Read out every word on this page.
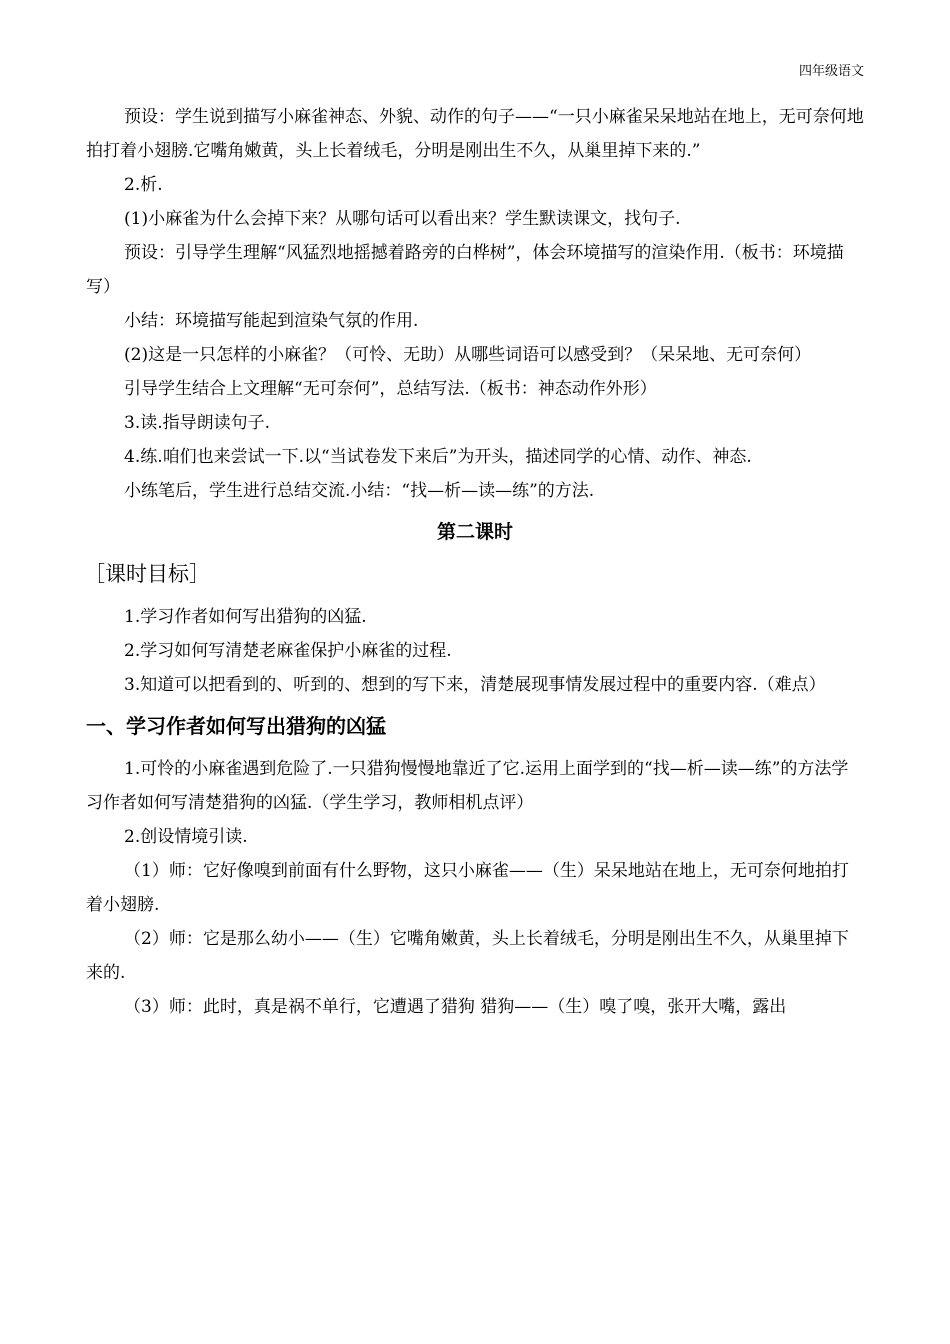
四年级语文

预设：学生说到描写小麻雀神态、外貌、动作的句子——“一只小麻雀呆呆地站在地上，无可奈何地拍打着小翅膀.它嘴角嫩黄，头上长着绒毛，分明是刚出生不久，从巢里掉下来的.”

2.析.

(1)小麻雀为什么会掉下来？从哪句话可以看出来？学生默读课文，找句子.

预设：引导学生理解“风猛烈地摇撼着路旁的白桦树”，体会环境描写的渲染作用.（板书：环境描写）

小结：环境描写能起到渲染气氛的作用.

(2)这是一只怎样的小麻雀？（可怜、无助）从哪些词语可以感受到？（呆呆地、无可奈何）

引导学生结合上文理解“无可奈何”，总结写法.（板书：神态动作外形）

3.读.指导朗读句子.

4.练.咱们也来尝试一下.以“当试卷发下来后”为开头，描述同学的心情、动作、神态.

小练笔后，学生进行总结交流.小结：“找—析—读—练”的方法.

第二课时
［课时目标］

1.学习作者如何写出猎狗的凶猛.

2.学习如何写清楚老麻雀保护小麻雀的过程.

3.知道可以把看到的、听到的、想到的写下来，清楚展现事情发展过程中的重要内容.（难点）

一、学习作者如何写出猎狗的凶猛

1.可怜的小麻雀遇到危险了.一只猎狗慢慢地靠近了它.运用上面学到的“找—析—读—练”的方法学习作者如何写清楚猎狗的凶猛.（学生学习，教师相机点评）

2.创设情境引读.

（1）师：它好像嗅到前面有什么野物，这只小麻雀——（生）呆呆地站在地上，无可奈何地拍打着小翅膀.

（2）师：它是那么幼小——（生）它嘴角嫩黄，头上长着绒毛，分明是刚出生不久，从巢里掉下来的.

（3）师：此时，真是祸不单行，它遭遇了猎狗 猎狗——（生）嗅了嗅，张开大嘴，露出
